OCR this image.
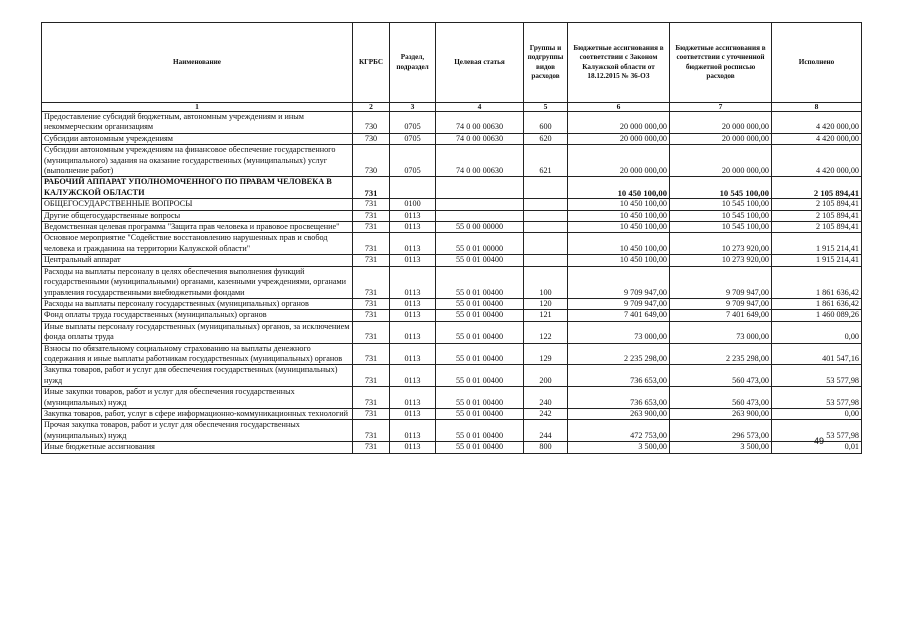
Наименование	КГРБС	Раздел, подраздел	Целевая статья	Группы и подгруппы видов расходов	Бюджетные ассигнования в соответствии с Законом Калужской области от 18.12.2015 № 36-ОЗ	Бюджетные ассигнования в соответствии с уточненной бюджетной росписью расходов	Исполнено
1	2	3	4	5	6	7	8
Предоставление субсидий бюджетным, автономным учреждениям и иным некоммерческим организациям	730	0705	74 0 00 00630	600	20 000 000,00	20 000 000,00	4 420 000,00
Субсидии автономным учреждениям	730	0705	74 0 00 00630	620	20 000 000,00	20 000 000,00	4 420 000,00
Субсидии автономным учреждениям на финансовое обеспечение государственного (муниципального) задания на оказание государственных (муниципальных) услуг (выполнение работ)	730	0705	74 0 00 00630	621	20 000 000,00	20 000 000,00	4 420 000,00
РАБОЧИЙ АППАРАТ УПОЛНОМОЧЕННОГО ПО ПРАВАМ ЧЕЛОВЕКА В КАЛУЖСКОЙ ОБЛАСТИ	731				10 450 100,00	10 545 100,00	2 105 894,41
ОБЩЕГОСУДАРСТВЕННЫЕ ВОПРОСЫ	731	0100			10 450 100,00	10 545 100,00	2 105 894,41
Другие общегосударственные вопросы	731	0113			10 450 100,00	10 545 100,00	2 105 894,41
Ведомственная целевая программа "Защита прав человека и правовое просвещение"	731	0113	55 0 00 00000		10 450 100,00	10 545 100,00	2 105 894,41
Основное мероприятие "Содействие восстановлению нарушенных прав и свобод человека и гражданина на территории Калужской области"	731	0113	55 0 01 00000		10 450 100,00	10 273 920,00	1 915 214,41
Центральный аппарат	731	0113	55 0 01 00400		10 450 100,00	10 273 920,00	1 915 214,41
Расходы на выплаты персоналу в целях обеспечения выполнения функций государственными (муниципальными) органами, казенными учреждениями, органами управления государственными внебюджетными фондами	731	0113	55 0 01 00400	100	9 709 947,00	9 709 947,00	1 861 636,42
Расходы на выплаты персоналу государственных (муниципальных) органов	731	0113	55 0 01 00400	120	9 709 947,00	9 709 947,00	1 861 636,42
Фонд оплаты труда государственных (муниципальных) органов	731	0113	55 0 01 00400	121	7 401 649,00	7 401 649,00	1 460 089,26
Иные выплаты персоналу государственных (муниципальных) органов, за исключением фонда оплаты труда	731	0113	55 0 01 00400	122	73 000,00	73 000,00	0,00
Взносы по обязательному социальному страхованию на выплаты денежного содержания и иные выплаты работникам государственных (муниципальных) органов	731	0113	55 0 01 00400	129	2 235 298,00	2 235 298,00	401 547,16
Закупка товаров, работ и услуг для обеспечения государственных (муниципальных) нужд	731	0113	55 0 01 00400	200	736 653,00	560 473,00	53 577,98
Иные закупки товаров, работ и услуг для обеспечения государственных (муниципальных) нужд	731	0113	55 0 01 00400	240	736 653,00	560 473,00	53 577,98
Закупка товаров, работ, услуг в сфере информационно-коммуникационных технологий	731	0113	55 0 01 00400	242	263 900,00	263 900,00	0,00
Прочая закупка товаров, работ и услуг для обеспечения государственных (муниципальных) нужд	731	0113	55 0 01 00400	244	472 753,00	296 573,00	53 577,98
Иные бюджетные ассигнования	731	0113	55 0 01 00400	800	3 500,00	3 500,00	0,01
49
